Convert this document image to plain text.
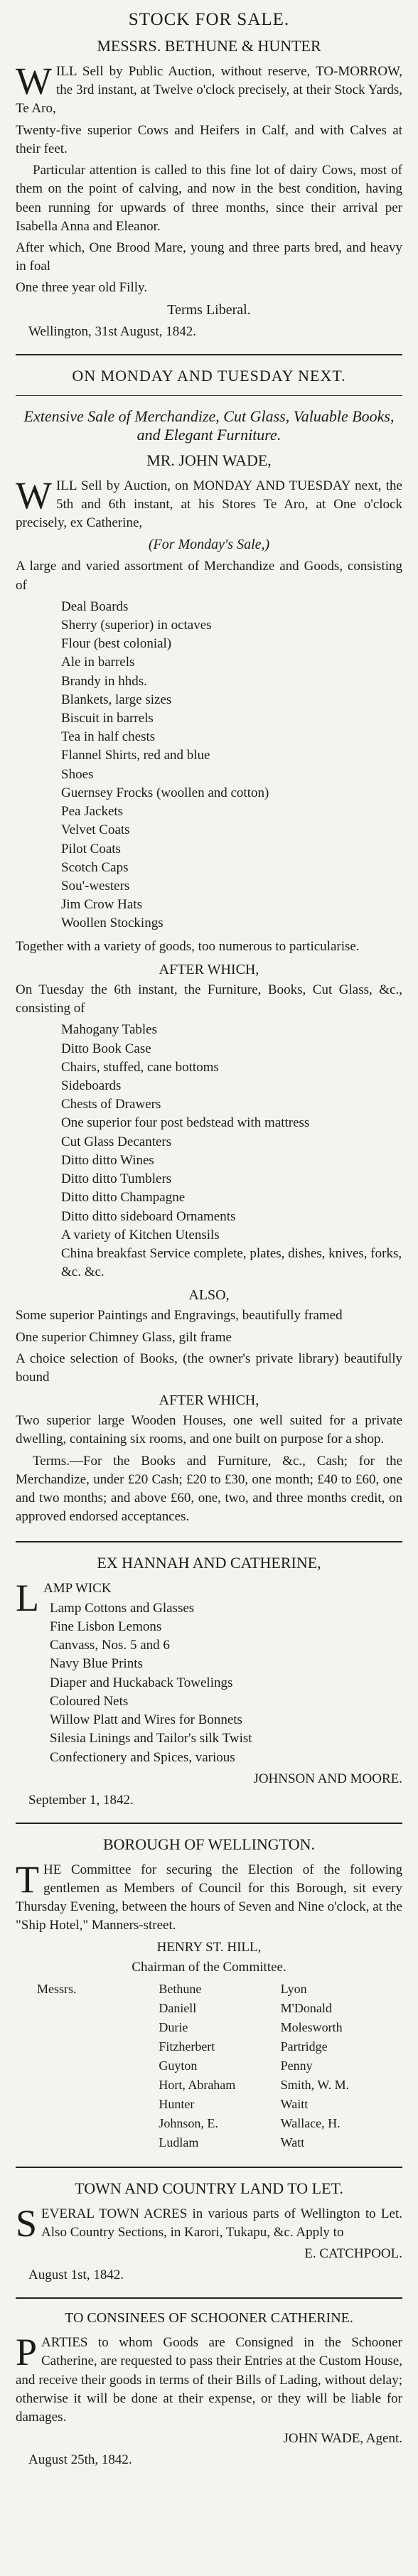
STOCK FOR SALE.
MESSRS. BETHUNE & HUNTER

WILL Sell by Public Auction, without reserve, TO-MORROW, the 3rd instant, at Twelve o'clock precisely, at their Stock Yards, Te Aro,

Twenty-five superior Cows and Heifers in Calf, and with Calves at their feet.

Particular attention is called to this fine lot of dairy Cows, most of them on the point of calving, and now in the best condition, having been running for upwards of three months, since their arrival per Isabella Anna and Eleanor.

After which, One Brood Mare, young and three parts bred, and heavy in foal

One three year old Filly.

Terms Liberal.
Wellington, 31st August, 1842.
ON MONDAY AND TUESDAY NEXT.
Extensive Sale of Merchandize, Cut Glass, Valuable Books, and Elegant Furniture.
MR. JOHN WADE,

WILL Sell by Auction, on MONDAY AND TUESDAY next, the 5th and 6th instant, at his Stores Te Aro, at One o'clock precisely, ex Catherine,

(For Monday's Sale,)

A large and varied assortment of Merchandize and Goods, consisting of

Deal Boards
Sherry (superior) in octaves
Flour (best colonial)
Ale in barrels
Brandy in hhds.
Blankets, large sizes
Biscuit in barrels
Tea in half chests
Flannel Shirts, red and blue
Shoes
Guernsey Frocks (woollen and cotton)
Pea Jackets
Velvet Coats
Pilot Coats
Scotch Caps
Sou'-westers
Jim Crow Hats
Woollen Stockings

Together with a variety of goods, too numerous to particularise.

AFTER WHICH,

On Tuesday the 6th instant, the Furniture, Books, Cut Glass, &c., consisting of

Mahogany Tables
Ditto Book Case
Chairs, stuffed, cane bottoms
Sideboards
Chests of Drawers
One superior four post bedstead with mattress
Cut Glass Decanters
Ditto ditto Wines
Ditto ditto Tumblers
Ditto ditto Champagne
Ditto ditto sideboard Ornaments
A variety of Kitchen Utensils
China breakfast Service complete, plates, dishes, knives, forks, &c. &c.
ALSO,

Some superior Paintings and Engravings, beautifully framed

One superior Chimney Glass, gilt frame

A choice selection of Books, (the owner's private library) beautifully bound

AFTER WHICH,

Two superior large Wooden Houses, one well suited for a private dwelling, containing six rooms, and one built on purpose for a shop.

Terms.—For the Books and Furniture, &c., Cash; for the Merchandize, under £20 Cash; £20 to £30, one month; £40 to £60, one and two months; and above £60, one, two, and three months credit, on approved endorsed acceptances.

EX HANNAH AND CATHERINE,

LAMP WICK

Lamp Cottons and Glasses
Fine Lisbon Lemons
Canvass, Nos. 5 and 6
Navy Blue Prints
Diaper and Huckaback Towelings
Coloured Nets
Willow Platt and Wires for Bonnets
Silesia Linings and Tailor's silk Twist
Confectionery and Spices, various
JOHNSON AND MOORE.
September 1, 1842.
BOROUGH OF WELLINGTON.

THE Committee for securing the Election of the following gentlemen as Members of Council for this Borough, sit every Thursday Evening, between the hours of Seven and Nine o'clock, at the "Ship Hotel," Manners-street.

HENRY ST. HILL,
Chairman of the Committee.
Messrs.	Bethune
Daniell
Durie
Fitzherbert
Guyton
Hort, Abraham
Hunter
Johnson, E.
Ludlam
Lyon
M'Donald
Molesworth
Partridge
Penny
Smith, W. M.
Waitt
Wallace, H.
Watt
TOWN AND COUNTRY LAND TO LET.

SEVERAL TOWN ACRES in various parts of Wellington to Let. Also Country Sections, in Karori, Tukapu, &c. Apply to

E. CATCHPOOL.
August 1st, 1842.
TO CONSINEES OF SCHOONER CATHERINE.

PARTIES to whom Goods are Consigned in the Schooner Catherine, are requested to pass their Entries at the Custom House, and receive their goods in terms of their Bills of Lading, without delay; otherwise it will be done at their expense, or they will be liable for damages.

JOHN WADE, Agent.
August 25th, 1842.
